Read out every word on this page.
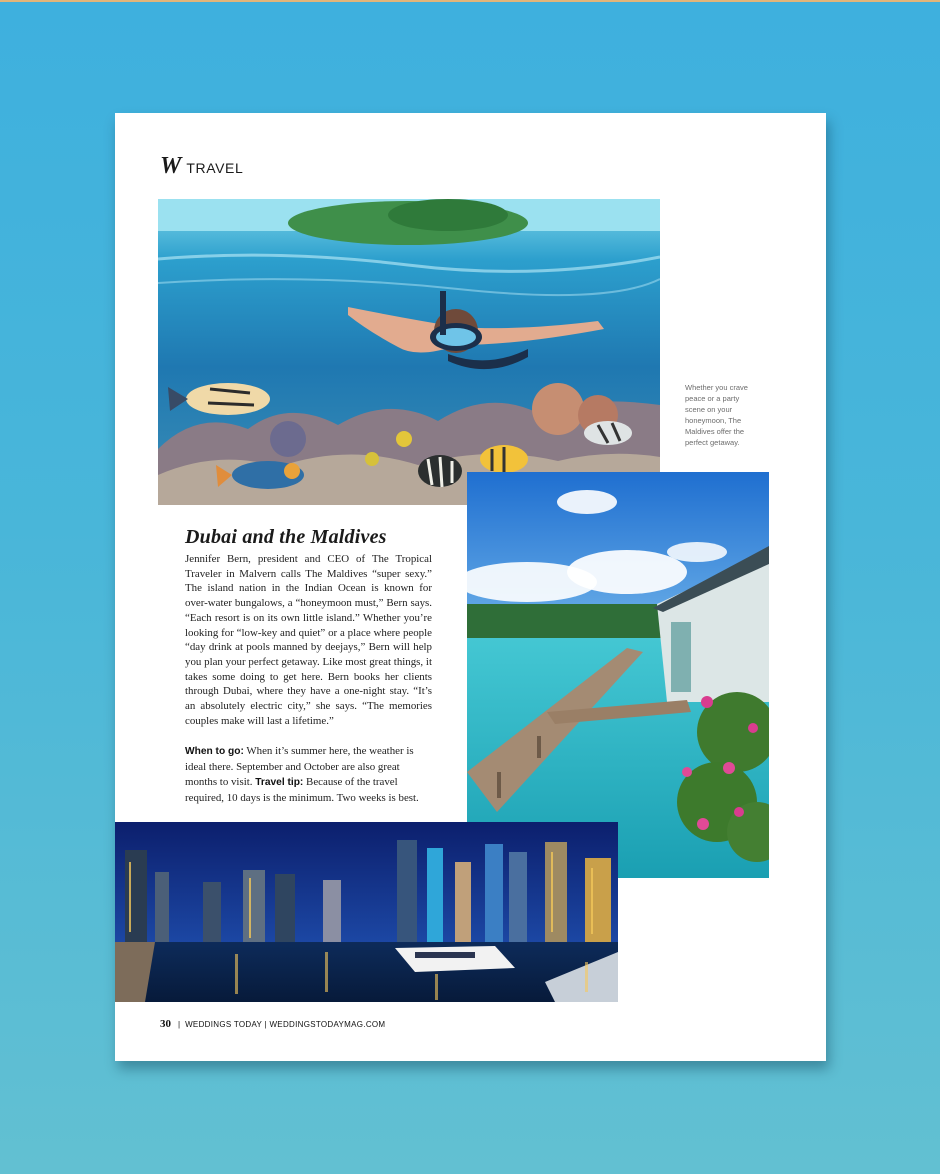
W TRAVEL
Whether you crave peace or a party scene on your honeymoon, The Maldives offer the perfect getaway.
Dubai and the Maldives

Jennifer Bern, president and CEO of The Tropical Traveler in Malvern calls The Maldives “super sexy.” The island nation in the Indian Ocean is known for over-water bungalows, a “honeymoon must,” Bern says. “Each resort is on its own little island.” Whether you’re looking for “low-key and quiet” or a place where people “day drink at pools manned by deejays,” Bern will help you plan your perfect getaway. Like most great things, it takes some doing to get here. Bern books her clients through Dubai, where they have a one-night stay. “It’s an absolutely electric city,” she says. “The memories couples make will last a lifetime.”

When to go: When it’s summer here, the weather is ideal there. September and October are also great months to visit. Travel tip: Because of the travel required, 10 days is the minimum. Two weeks is best.

30 | WEDDINGS TODAY | WEDDINGSTODAYMAG.COM
